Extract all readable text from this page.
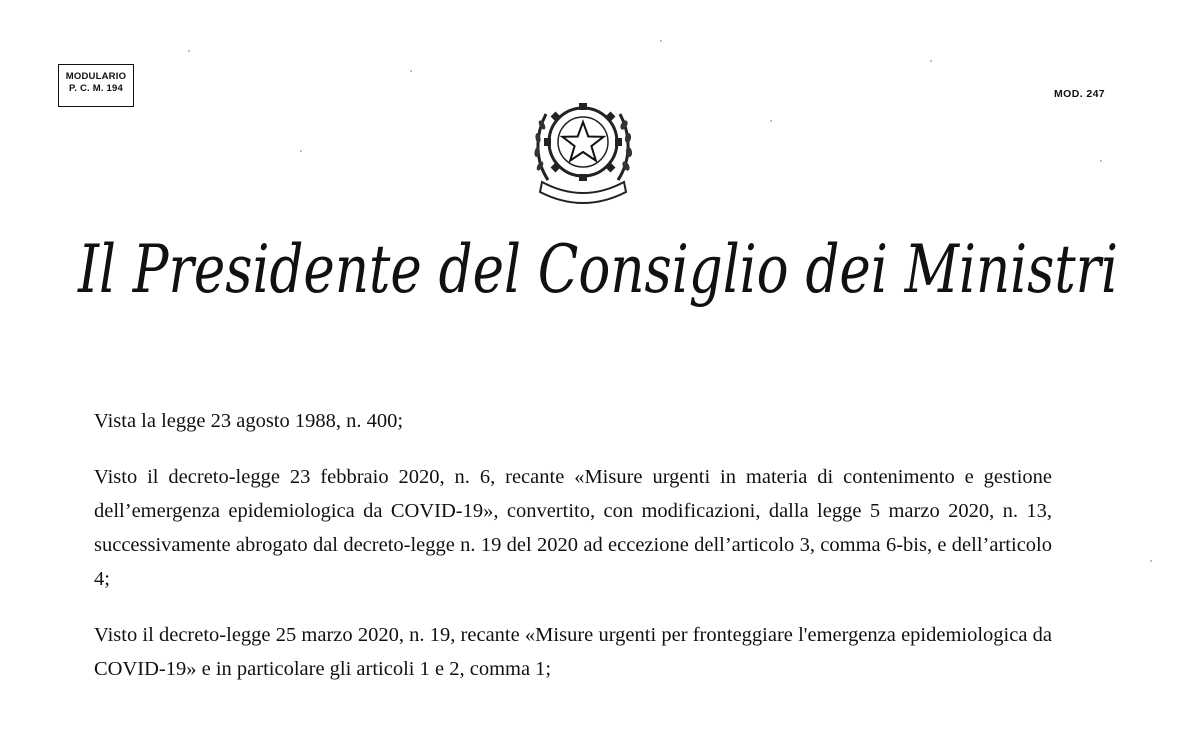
MODULARIO
P. C. M. 194	MOD. 247
Il Presidente del Consiglio dei Ministri

Vista la legge 23 agosto 1988, n. 400;

Visto il decreto-legge 23 febbraio 2020, n. 6, recante «Misure urgenti in materia di contenimento e gestione dell’emergenza epidemiologica da COVID-19», convertito, con modificazioni, dalla legge 5 marzo 2020, n. 13, successivamente abrogato dal decreto-legge n. 19 del 2020 ad eccezione dell’articolo 3, comma 6-bis, e dell’articolo 4;

Visto il decreto-legge 25 marzo 2020, n. 19, recante «Misure urgenti per fronteggiare l'emergenza epidemiologica da COVID-19» e in particolare gli articoli 1 e 2, comma 1;
